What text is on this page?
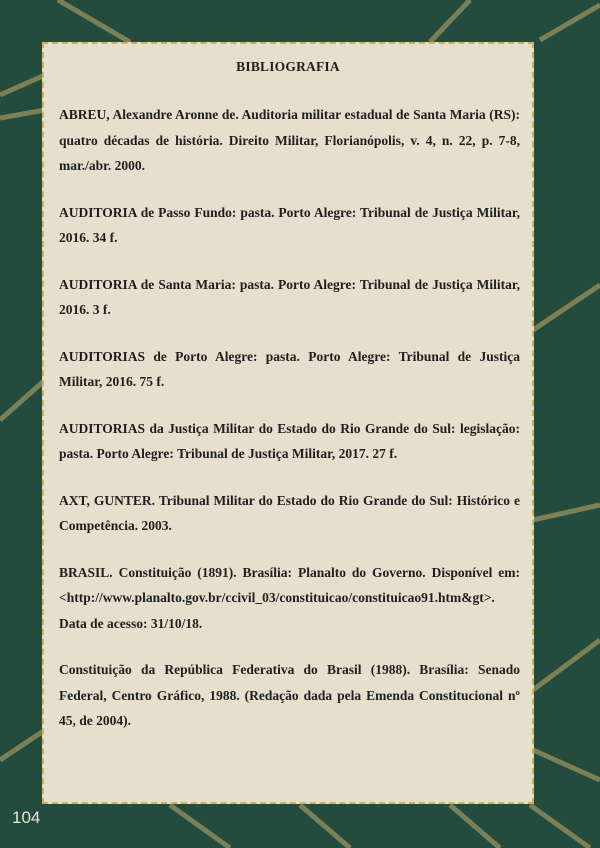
BIBLIOGRAFIA

ABREU, Alexandre Aronne de. Auditoria militar estadual de Santa Maria (RS): quatro décadas de história. Direito Militar, Florianópolis, v. 4, n. 22, p. 7-8, mar./abr. 2000.

AUDITORIA de Passo Fundo: pasta. Porto Alegre: Tribunal de Justiça Militar, 2016. 34 f.

AUDITORIA de Santa Maria: pasta. Porto Alegre: Tribunal de Justiça Militar, 2016. 3 f.

AUDITORIAS de Porto Alegre: pasta. Porto Alegre: Tribunal de Justiça Militar, 2016. 75 f.

AUDITORIAS da Justiça Militar do Estado do Rio Grande do Sul: legislação: pasta. Porto Alegre: Tribunal de Justiça Militar, 2017. 27 f.

AXT, GUNTER. Tribunal Militar do Estado do Rio Grande do Sul: Histórico e Competência. 2003.

BRASIL. Constituição (1891). Brasília: Planalto do Governo. Disponível em: <http://www.planalto.gov.br/ccivil_03/constituicao/constituicao91.htm&gt>. Data de acesso: 31/10/18.

Constituição da República Federativa do Brasil (1988). Brasília: Senado Federal, Centro Gráfico, 1988. (Redação dada pela Emenda Constitucional nº 45, de 2004).

104
